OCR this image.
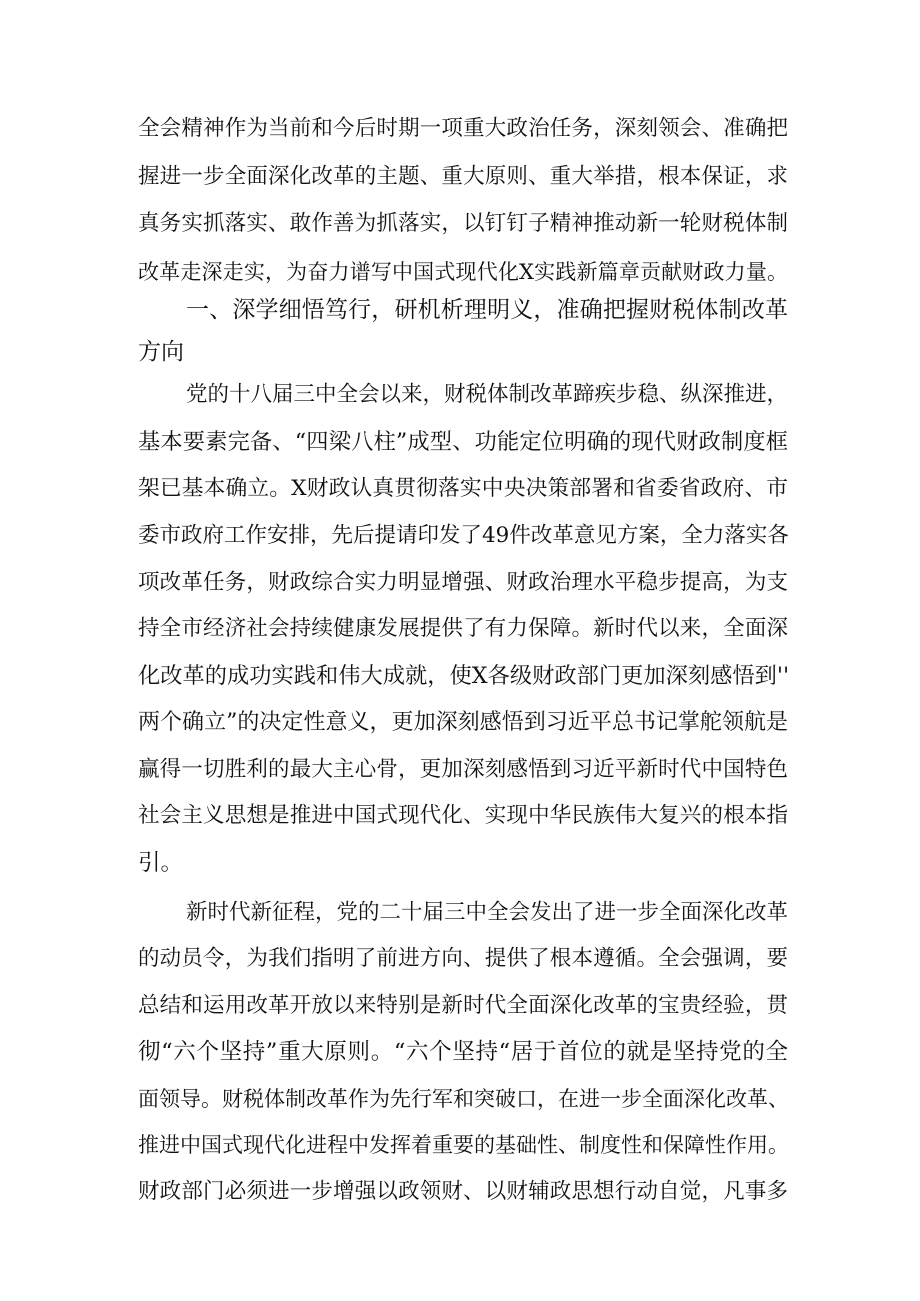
全会精神作为当前和今后时期一项重大政治任务，深刻领会、准确把
握进一步全面深化改革的主题、重大原则、重大举措，根本保证，求
真务实抓落实、敢作善为抓落实，以钉钉子精神推动新一轮财税体制
改革走深走实，为奋力谱写中国式现代化X实践新篇章贡献财政力量。
一、深学细悟笃行，研机析理明义，准确把握财税体制改革
方向
党的十八届三中全会以来，财税体制改革蹄疾步稳、纵深推进，
基本要素完备、“四梁八柱”成型、功能定位明确的现代财政制度框
架已基本确立。X财政认真贯彻落实中央决策部署和省委省政府、市
委市政府工作安排，先后提请印发了49件改革意见方案，全力落实各
项改革任务，财政综合实力明显增强、财政治理水平稳步提高，为支
持全市经济社会持续健康发展提供了有力保障。新时代以来，全面深
化改革的成功实践和伟大成就，使X各级财政部门更加深刻感悟到''
两个确立”的决定性意义，更加深刻感悟到习近平总书记掌舵领航是
赢得一切胜利的最大主心骨，更加深刻感悟到习近平新时代中国特色
社会主义思想是推进中国式现代化、实现中华民族伟大复兴的根本指
引。
新时代新征程，党的二十届三中全会发出了进一步全面深化改革
的动员令，为我们指明了前进方向、提供了根本遵循。全会强调，要
总结和运用改革开放以来特别是新时代全面深化改革的宝贵经验，贯
彻“六个坚持”重大原则。“六个坚持“居于首位的就是坚持党的全
面领导。财税体制改革作为先行军和突破口，在进一步全面深化改革、
推进中国式现代化进程中发挥着重要的基础性、制度性和保障性作用。
财政部门必须进一步增强以政领财、以财辅政思想行动自觉，凡事多
